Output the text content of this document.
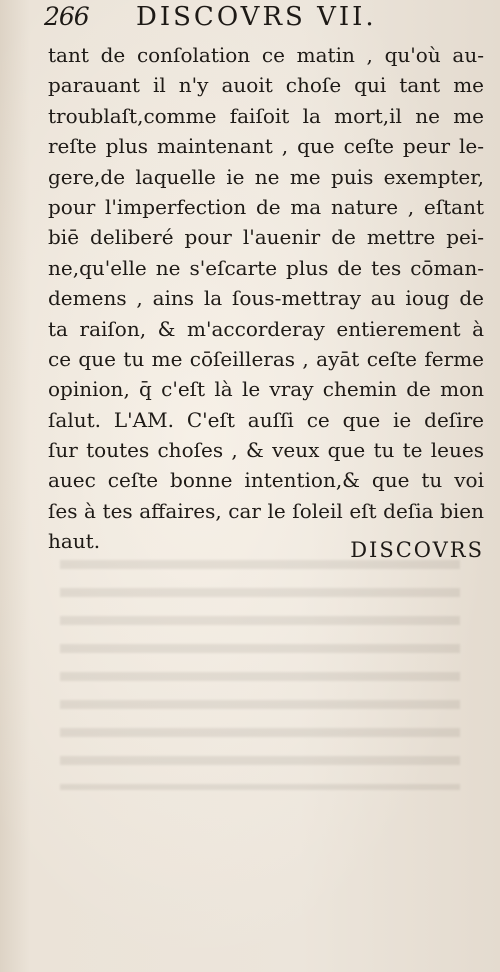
266 DISCOVRS VII.
tant de conſolation ce matin , qu'où au-
parauant il n'y auoit choſe qui tant me
troublaſt,comme faiſoit la mort,il ne me
reſte plus maintenant , que ceſte peur le-
gere,de laquelle ie ne me puis exempter,
pour l'imperfection de ma nature , eſtant
biē deliberé pour l'auenir de mettre pei-
ne,qu'elle ne s'eſcarte plus de tes cōman-
demens , ains la ſous-mettray au ioug de
ta raiſon, & m'accorderay entierement à
ce que tu me cōſeilleras , ayāt ceſte ferme
opinion, q̄ c'eſt là le vray chemin de mon
ſalut. L'AM. C'eſt auſſi ce que ie deſire
ſur toutes choſes , & veux que tu te leues
auec ceſte bonne intention,& que tu voi
ſes à tes affaires, car le ſoleil eſt deſia bien
haut.	DISCOVRS
